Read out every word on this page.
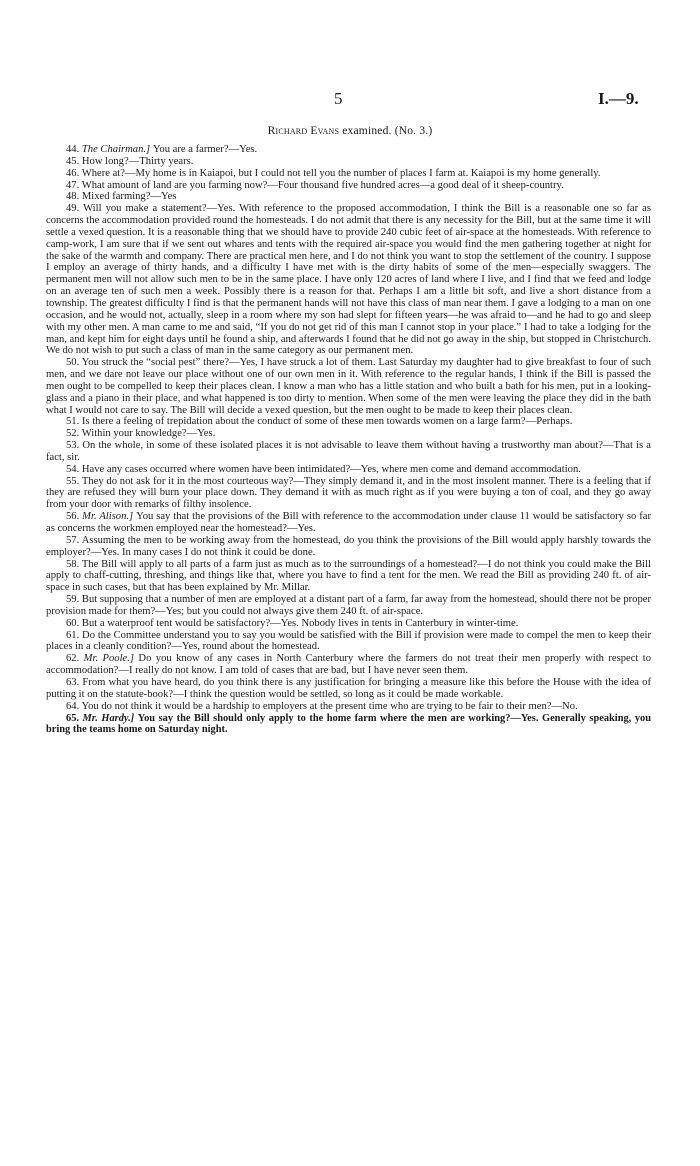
5	I.—9.

Richard Evans examined. (No. 3.)

44. The Chairman.] You are a farmer?—Yes.

45. How long?—Thirty years.

46. Where at?—My home is in Kaiapoi, but I could not tell you the number of places I farm at. Kaiapoi is my home generally.

47. What amount of land are you farming now?—Four thousand five hundred acres—a good deal of it sheep-country.

48. Mixed farming?—Yes

49. Will you make a statement?—Yes. With reference to the proposed accommodation, I think the Bill is a reasonable one so far as concerns the accommodation provided round the homesteads. I do not admit that there is any necessity for the Bill, but at the same time it will settle a vexed question. It is a reasonable thing that we should have to provide 240 cubic feet of air-space at the homesteads. With reference to camp-work, I am sure that if we sent out whares and tents with the required air-space you would find the men gathering together at night for the sake of the warmth and company. There are practical men here, and I do not think you want to stop the settlement of the country. I suppose I employ an average of thirty hands, and a difficulty I have met with is the dirty habits of some of the men—especially swaggers. The permanent men will not allow such men to be in the same place. I have only 120 acres of land where I live, and I find that we feed and lodge on an average ten of such men a week. Possibly there is a reason for that. Perhaps I am a little bit soft, and live a short distance from a township. The greatest difficulty I find is that the permanent hands will not have this class of man near them. I gave a lodging to a man on one occasion, and he would not, actually, sleep in a room where my son had slept for fifteen years—he was afraid to—and he had to go and sleep with my other men. A man came to me and said, “If you do not get rid of this man I cannot stop in your place.” I had to take a lodging for the man, and kept him for eight days until he found a ship, and afterwards I found that he did not go away in the ship, but stopped in Christchurch. We do not wish to put such a class of man in the same category as our permanent men.

50. You struck the “social pest” there?—Yes, I have struck a lot of them. Last Saturday my daughter had to give breakfast to four of such men, and we dare not leave our place without one of our own men in it. With reference to the regular hands, I think if the Bill is passed the men ought to be compelled to keep their places clean. I know a man who has a little station and who built a bath for his men, put in a looking-glass and a piano in their place, and what happened is too dirty to mention. When some of the men were leaving the place they did in the bath what I would not care to say. The Bill will decide a vexed question, but the men ought to be made to keep their places clean.

51. Is there a feeling of trepidation about the conduct of some of these men towards women on a large farm?—Perhaps.

52. Within your knowledge?—Yes.

53. On the whole, in some of these isolated places it is not advisable to leave them without having a trustworthy man about?—That is a fact, sir.

54. Have any cases occurred where women have been intimidated?—Yes, where men come and demand accommodation.

55. They do not ask for it in the most courteous way?—They simply demand it, and in the most insolent manner. There is a feeling that if they are refused they will burn your place down. They demand it with as much right as if you were buying a ton of coal, and they go away from your door with remarks of filthy insolence.

56. Mr. Alison.] You say that the provisions of the Bill with reference to the accommodation under clause 11 would be satisfactory so far as concerns the workmen employed near the homestead?—Yes.

57. Assuming the men to be working away from the homestead, do you think the provisions of the Bill would apply harshly towards the employer?—Yes. In many cases I do not think it could be done.

58. The Bill will apply to all parts of a farm just as much as to the surroundings of a homestead?—I do not think you could make the Bill apply to chaff-cutting, threshing, and things like that, where you have to find a tent for the men. We read the Bill as providing 240 ft. of air-space in such cases, but that has been explained by Mr. Millar.

59. But supposing that a number of men are employed at a distant part of a farm, far away from the homestead, should there not be proper provision made for them?—Yes; but you could not always give them 240 ft. of air-space.

60. But a waterproof tent would be satisfactory?—Yes. Nobody lives in tents in Canterbury in winter-time.

61. Do the Committee understand you to say you would be satisfied with the Bill if provision were made to compel the men to keep their places in a cleanly condition?—Yes, round about the homestead.

62. Mr. Poole.] Do you know of any cases in North Canterbury where the farmers do not treat their men properly with respect to accommodation?—I really do not know. I am told of cases that are bad, but I have never seen them.

63. From what you have heard, do you think there is any justification for bringing a measure like this before the House with the idea of putting it on the statute-book?—I think the question would be settled, so long as it could be made workable.

64. You do not think it would be a hardship to employers at the present time who are trying to be fair to their men?—No.

65. Mr. Hardy.] You say the Bill should only apply to the home farm where the men are working?—Yes. Generally speaking, you bring the teams home on Saturday night.
